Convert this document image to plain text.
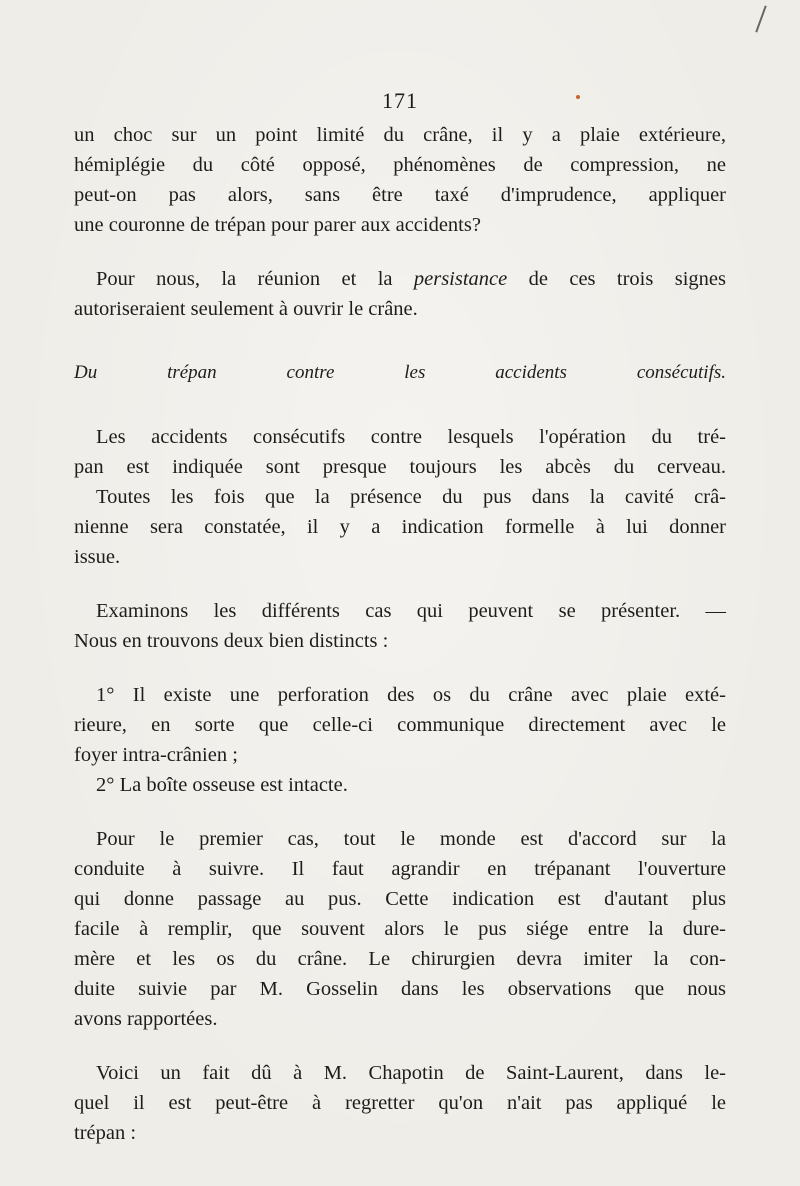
171

un choc sur un point limité du crâne, il y a plaie extérieure,

hémiplégie du côté opposé, phénomènes de compression, ne

peut-on pas alors, sans être taxé d'imprudence, appliquer

une couronne de trépan pour parer aux accidents?

Pour nous, la réunion et la persistance de ces trois signes

autoriseraient seulement à ouvrir le crâne.

Du trépan contre les accidents consécutifs.

Les accidents consécutifs contre lesquels l'opération du tré-

pan est indiquée sont presque toujours les abcès du cerveau.

Toutes les fois que la présence du pus dans la cavité crâ-

nienne sera constatée, il y a indication formelle à lui donner

issue.

Examinons les différents cas qui peuvent se présenter. —

Nous en trouvons deux bien distincts :

1° Il existe une perforation des os du crâne avec plaie exté-

rieure, en sorte que celle-ci communique directement avec le

foyer intra-crânien ;

2° La boîte osseuse est intacte.

Pour le premier cas, tout le monde est d'accord sur la

conduite à suivre. Il faut agrandir en trépanant l'ouverture

qui donne passage au pus. Cette indication est d'autant plus

facile à remplir, que souvent alors le pus siége entre la dure-

mère et les os du crâne. Le chirurgien devra imiter la con-

duite suivie par M. Gosselin dans les observations que nous

avons rapportées.

Voici un fait dû à M. Chapotin de Saint-Laurent, dans le-

quel il est peut-être à regretter qu'on n'ait pas appliqué le

trépan :
